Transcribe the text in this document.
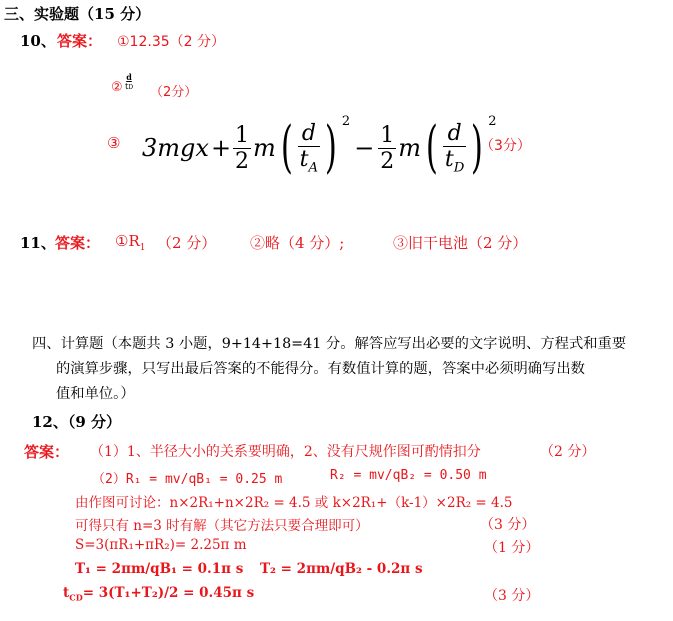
三、实验题（15 分）
10、 答案： ①12.35（2 分）
② $\frac{d}{tD}$
（2分）
③ $3mgx + \frac{1}{2}$ m ( $\frac{d}{t_A}$ ) 2
− $\frac{1}{2}$ m ( $\frac{d}{t_D}$ ) 2
（3分）
11、 答案： $①R_1$ （2 分） ②略（4 分）;	③旧干电池（2 分）
四、计算题（本题共 3 小题，9+14+18=41 分。解答应写出必要的文字说明、方程式和重要
的演算步骤，只写出最后答案的不能得分。有数值计算的题，答案中必须明确写出数
值和单位。）
12、（9 分）
答案： （1）1、半径大小的关系要明确，2、没有尺规作图可酌情扣分	（2 分）
（2）R₁ = mv/qB₁ = 0.25 m	R₂ = mv/qB₂ = 0.50 m
由作图可讨论：n×2R₁+n×2R₂ = 4.5 或 k×2R₁+（k-1）×2R₂ = 4.5
可得只有 n=3 时有解（其它方法只要合理即可）	（3 分）
S=3(πR₁+πR₂)= 2.25π m	（1 分）
T₁ = 2πm/qB₁ = 0.1π s T₂ = 2πm/qB₂ - 0.2π s
$t_{CD}= 3(T_1+T_2)/2 = 0.45\pi$ s	（3 分）
